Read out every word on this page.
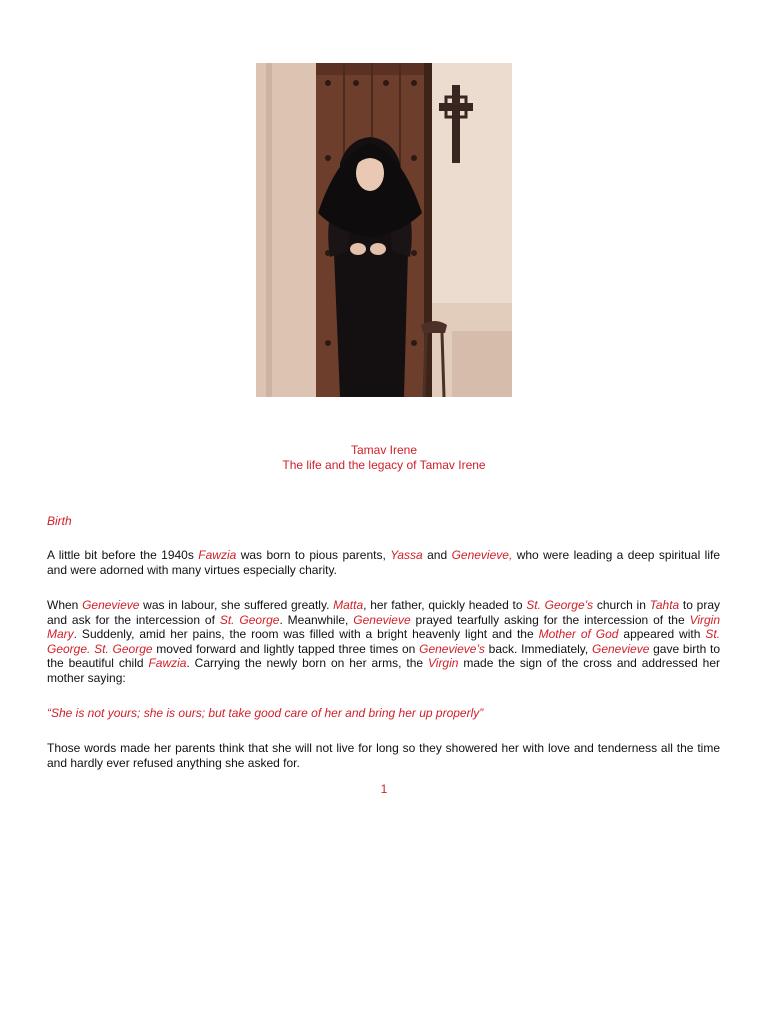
Tamav Irene
The life and the legacy of Tamav Irene
Birth

A little bit before the 1940s Fawzia was born to pious parents, Yassa and Genevieve, who were leading a deep spiritual life and were adorned with many virtues especially charity.

When Genevieve was in labour, she suffered greatly. Matta, her father, quickly headed to St. George’s church in Tahta to pray and ask for the intercession of St. George. Meanwhile, Genevieve prayed tearfully asking for the intercession of the Virgin Mary. Suddenly, amid her pains, the room was filled with a bright heavenly light and the Mother of God appeared with St. George. St. George moved forward and lightly tapped three times on Genevieve’s back. Immediately, Genevieve gave birth to the beautiful child Fawzia. Carrying the newly born on her arms, the Virgin made the sign of the cross and addressed her mother saying:

“She is not yours; she is ours; but take good care of her and bring her up properly”

Those words made her parents think that she will not live for long so they showered her with love and tenderness all the time and hardly ever refused anything she asked for.

1
